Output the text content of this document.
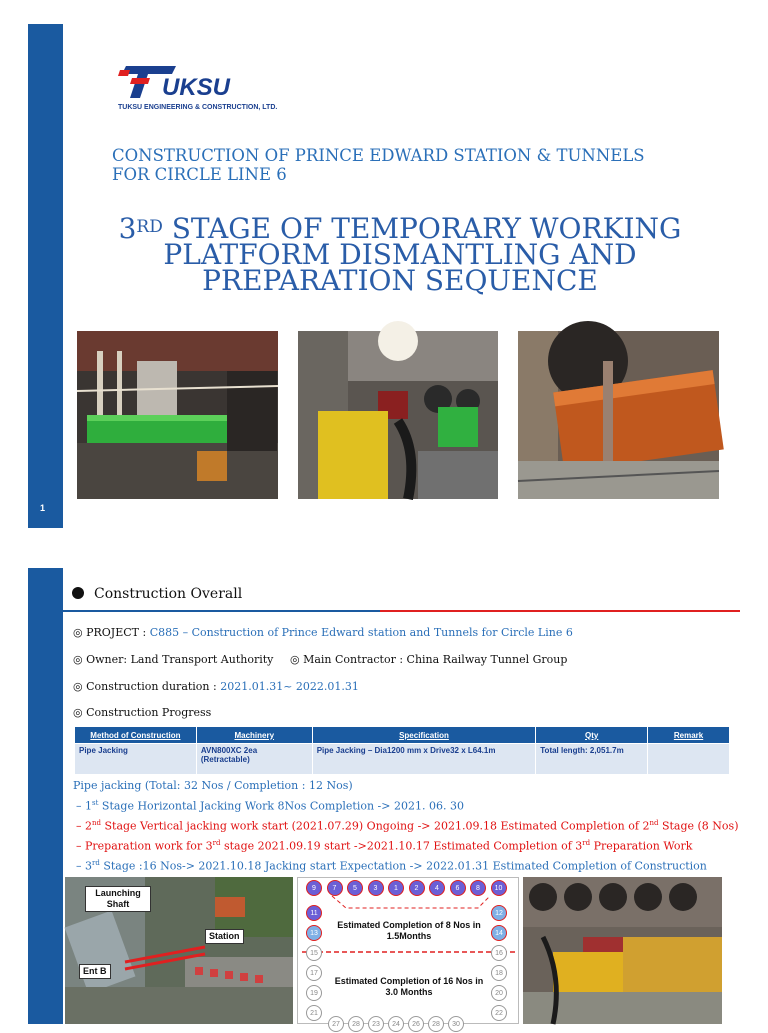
UKSU
TUKSU ENGINEERING & CONSTRUCTION, LTD.
CONSTRUCTION OF PRINCE EDWARD STATION & TUNNELS
FOR CIRCLE LINE 6
3RD STAGE OF TEMPORARY WORKING
PLATFORM DISMANTLING AND
PREPARATION SEQUENCE
1
Construction Overall
◎ PROJECT : C885 – Construction of Prince Edward station and Tunnels for Circle Line 6
◎ Owner: Land Transport Authority ◎ Main Contractor : China Railway Tunnel Group
◎ Construction duration : 2021.01.31~ 2022.01.31
◎ Construction Progress
Method of Construction	Machinery	Specification	Qty	Remark
Pipe Jacking	AVN800XC 2ea (Retractable)	Pipe Jacking – Dia1200 mm x Drive32 x L64.1m	Total length: 2,051.7m	
Pipe jacking (Total: 32 Nos / Completion : 12 Nos)
– 1st Stage Horizontal Jacking Work 8Nos Completion -> 2021. 06. 30
– 2nd Stage Vertical jacking work start (2021.07.29) Ongoing -> 2021.09.18 Estimated Completion of 2nd Stage (8 Nos)
– Preparation work for 3rd stage 2021.09.19 start ->2021.10.17 Estimated Completion of 3rd Preparation Work
– 3rd Stage :16 Nos-> 2021.10.18 Jacking start Expectation -> 2022.01.31 Estimated Completion of Construction
Launching Shaft
Station
Ent B
9	7	5	3	1	2	4	6	8	10
11
13
15
17
19
21
12
14
16
18
20
22
27	28	23	24	26	28	30
Estimated Completion of 8 Nos in 1.5Months
Estimated Completion of 16 Nos in 3.0 Months
